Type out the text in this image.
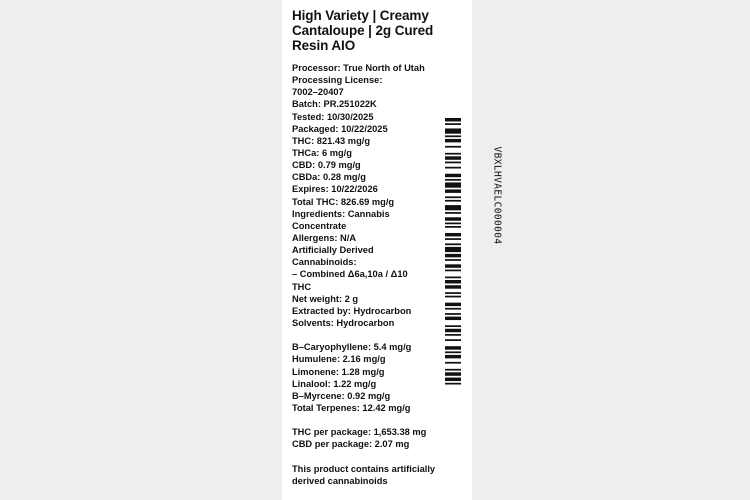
High Variety | Creamy
Cantaloupe | 2g Cured
Resin AIO
Processor: True North of Utah
Processing License:
7002–20407
Batch: PR.251022K
Tested: 10/30/2025
Packaged: 10/22/2025
THC: 821.43 mg/g
THCa: 6 mg/g
CBD: 0.79 mg/g
CBDa: 0.28 mg/g
Expires: 10/22/2026
Total THC: 826.69 mg/g
Ingredients: Cannabis
Concentrate
Allergens: N/A
Artificially Derived
Cannabinoids:
– Combined Δ6a,10a / Δ10
THC
Net weight: 2 g
Extracted by: Hydrocarbon
Solvents: Hydrocarbon
B–Caryophyllene: 5.4 mg/g
Humulene: 2.16 mg/g
Limonene: 1.28 mg/g
Linalool: 1.22 mg/g
B–Myrcene: 0.92 mg/g
Total Terpenes: 12.42 mg/g
THC per package: 1,653.38 mg
CBD per package: 2.07 mg
This product contains artificially
derived cannabinoids
VBXLHVAELC000004
